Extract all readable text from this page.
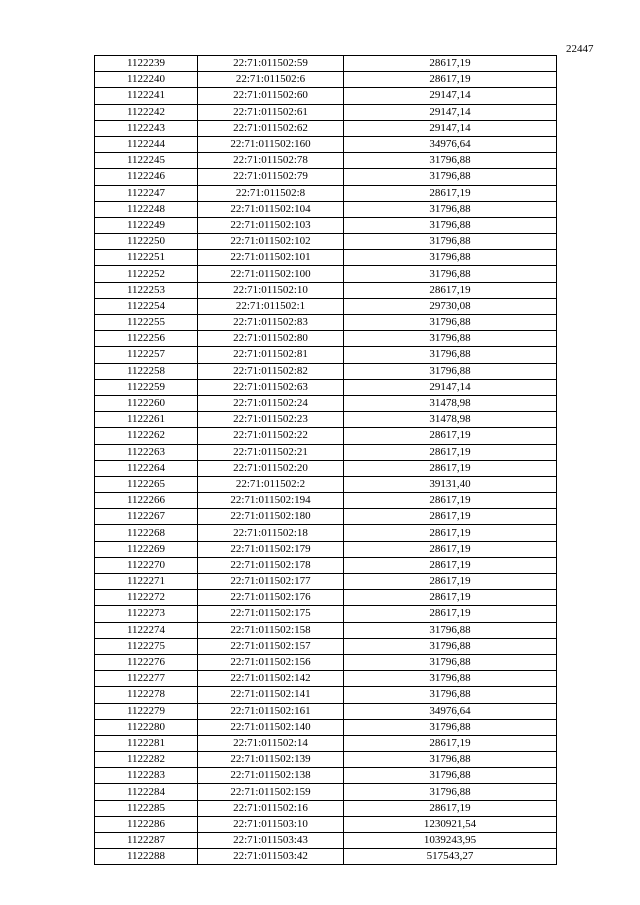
22447
1122239	22:71:011502:59	28617,19
1122240	22:71:011502:6	28617,19
1122241	22:71:011502:60	29147,14
1122242	22:71:011502:61	29147,14
1122243	22:71:011502:62	29147,14
1122244	22:71:011502:160	34976,64
1122245	22:71:011502:78	31796,88
1122246	22:71:011502:79	31796,88
1122247	22:71:011502:8	28617,19
1122248	22:71:011502:104	31796,88
1122249	22:71:011502:103	31796,88
1122250	22:71:011502:102	31796,88
1122251	22:71:011502:101	31796,88
1122252	22:71:011502:100	31796,88
1122253	22:71:011502:10	28617,19
1122254	22:71:011502:1	29730,08
1122255	22:71:011502:83	31796,88
1122256	22:71:011502:80	31796,88
1122257	22:71:011502:81	31796,88
1122258	22:71:011502:82	31796,88
1122259	22:71:011502:63	29147,14
1122260	22:71:011502:24	31478,98
1122261	22:71:011502:23	31478,98
1122262	22:71:011502:22	28617,19
1122263	22:71:011502:21	28617,19
1122264	22:71:011502:20	28617,19
1122265	22:71:011502:2	39131,40
1122266	22:71:011502:194	28617,19
1122267	22:71:011502:180	28617,19
1122268	22:71:011502:18	28617,19
1122269	22:71:011502:179	28617,19
1122270	22:71:011502:178	28617,19
1122271	22:71:011502:177	28617,19
1122272	22:71:011502:176	28617,19
1122273	22:71:011502:175	28617,19
1122274	22:71:011502:158	31796,88
1122275	22:71:011502:157	31796,88
1122276	22:71:011502:156	31796,88
1122277	22:71:011502:142	31796,88
1122278	22:71:011502:141	31796,88
1122279	22:71:011502:161	34976,64
1122280	22:71:011502:140	31796,88
1122281	22:71:011502:14	28617,19
1122282	22:71:011502:139	31796,88
1122283	22:71:011502:138	31796,88
1122284	22:71:011502:159	31796,88
1122285	22:71:011502:16	28617,19
1122286	22:71:011503:10	1230921,54
1122287	22:71:011503:43	1039243,95
1122288	22:71:011503:42	517543,27
